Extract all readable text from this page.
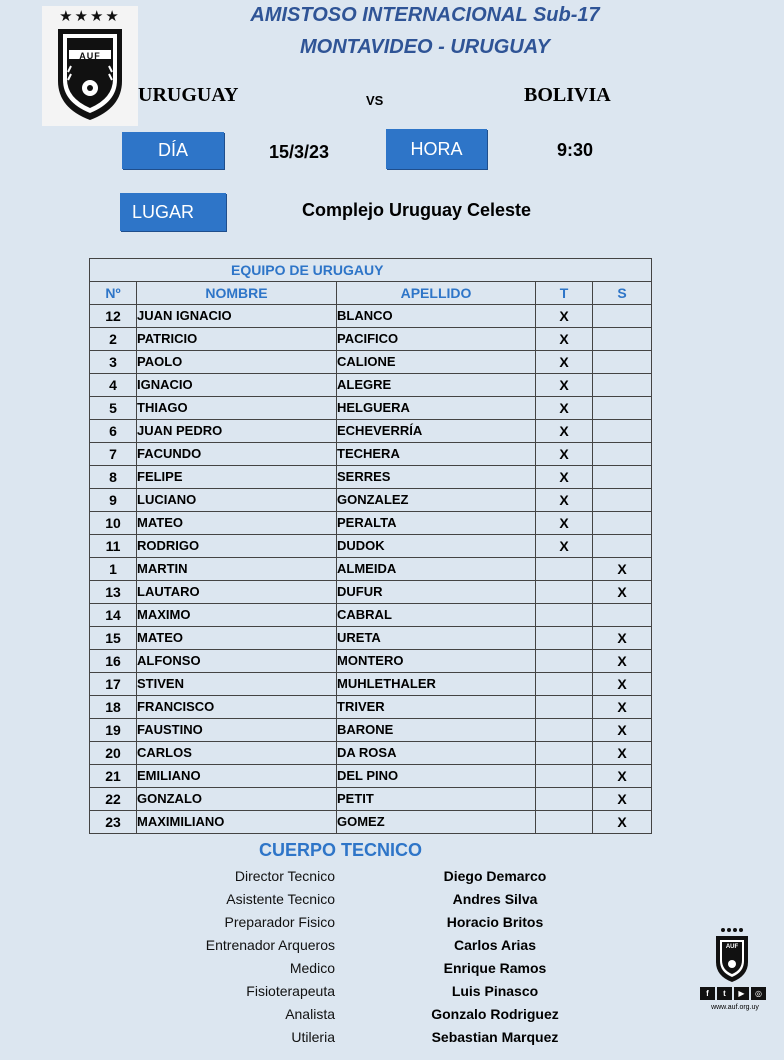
★★★★
AUF
AMISTOSO INTERNACIONAL Sub-17
MONTAVIDEO - URUGUAY
URUGUAY	VS	BOLIVIA
DÍA	15/3/23	HORA	9:30
LUGAR	Complejo Uruguay Celeste
EQUIPO DE URUGAUY				
Nº	NOMBRE	APELLIDO	T	S
12	JUAN IGNACIO	BLANCO	X	
2	PATRICIO	PACIFICO	X	
3	PAOLO	CALIONE	X	
4	IGNACIO	ALEGRE	X	
5	THIAGO	HELGUERA	X	
6	JUAN PEDRO	ECHEVERRÍA	X	
7	FACUNDO	TECHERA	X	
8	FELIPE	SERRES	X	
9	LUCIANO	GONZALEZ	X	
10	MATEO	PERALTA	X	
11	RODRIGO	DUDOK	X	
1	MARTIN	ALMEIDA		X
13	LAUTARO	DUFUR		X
14	MAXIMO	CABRAL		
15	MATEO	URETA		X
16	ALFONSO	MONTERO		X
17	STIVEN	MUHLETHALER		X
18	FRANCISCO	TRIVER		X
19	FAUSTINO	BARONE		X
20	CARLOS	DA ROSA		X
21	EMILIANO	DEL PINO		X
22	GONZALO	PETIT		X
23	MAXIMILIANO	GOMEZ		X
CUERPO TECNICO
Director Tecnico	Diego Demarco
Asistente Tecnico	Andres Silva
Preparador Fisico	Horacio Britos
Entrenador Arqueros	Carlos Arias
Medico	Enrique Ramos
Fisioterapeuta	Luis Pinasco
Analista	Gonzalo Rodriguez
Utileria	Sebastian Marquez
AUF
f	t	▶	◎
www.auf.org.uy
